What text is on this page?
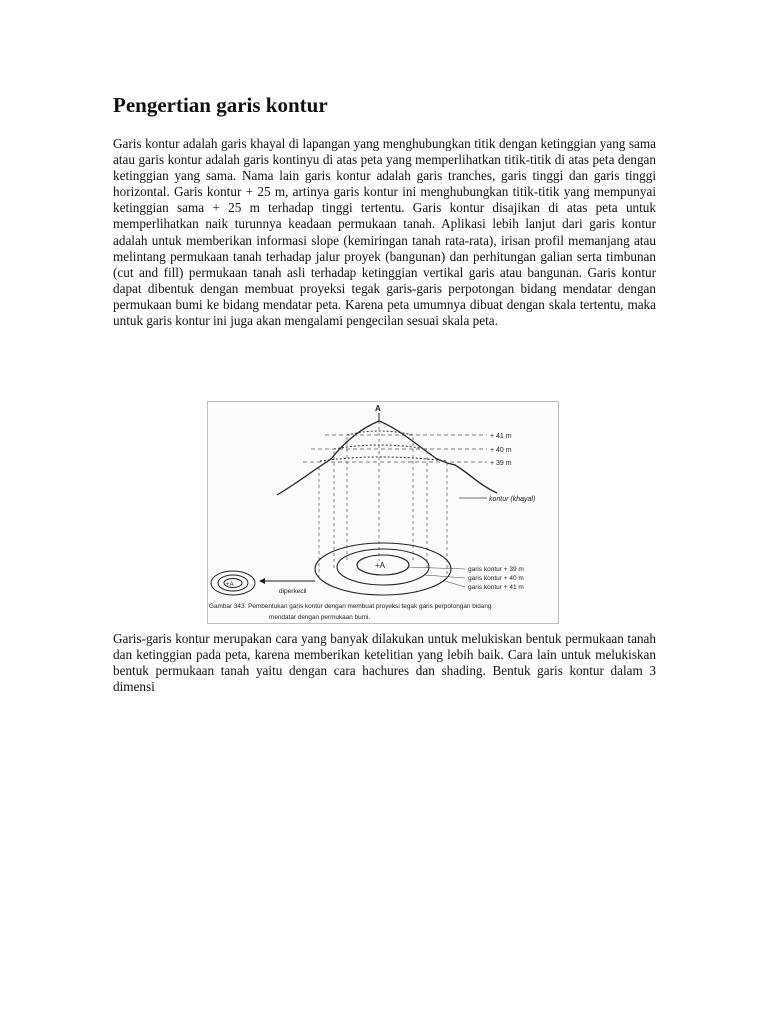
Pengertian garis kontur

Garis kontur adalah garis khayal di lapangan yang menghubungkan titik dengan ketinggian yang sama atau garis kontur adalah garis kontinyu di atas peta yang memperlihatkan titik-titik di atas peta dengan ketinggian yang sama. Nama lain garis kontur adalah garis tranches, garis tinggi dan garis tinggi horizontal. Garis kontur + 25 m, artinya garis kontur ini menghubungkan titik-titik yang mempunyai ketinggian sama + 25 m terhadap tinggi tertentu. Garis kontur disajikan di atas peta untuk memperlihatkan naik turunnya keadaan permukaan tanah. Aplikasi lebih lanjut dari garis kontur adalah untuk memberikan informasi slope (kemiringan tanah rata-rata), irisan profil memanjang atau melintang permukaan tanah terhadap jalur proyek (bangunan) dan perhitungan galian serta timbunan (cut and fill) permukaan tanah asli terhadap ketinggian vertikal garis atau bangunan. Garis kontur dapat dibentuk dengan membuat proyeksi tegak garis-garis perpotongan bidang mendatar dengan permukaan bumi ke bidang mendatar peta. Karena peta umumnya dibuat dengan skala tertentu, maka untuk garis kontur ini juga akan mengalami pengecilan sesuai skala peta.

+ 41 m
+ 40 m
+ 39 m
A
kontur (khayal)
+A	garis kontur + 39 m
garis kontur + 40 m
garis kontur + 41 m
+A
diperkecil
Gambar 343. Pembentukan garis kontur dengan membuat proyeksi tegak garis perpotongan bidang
mendatar dengan permukaan bumi.

Garis-garis kontur merupakan cara yang banyak dilakukan untuk melukiskan bentuk permukaan tanah dan ketinggian pada peta, karena memberikan ketelitian yang lebih baik. Cara lain untuk melukiskan bentuk permukaan tanah yaitu dengan cara hachures dan shading. Bentuk garis kontur dalam 3 dimensi
